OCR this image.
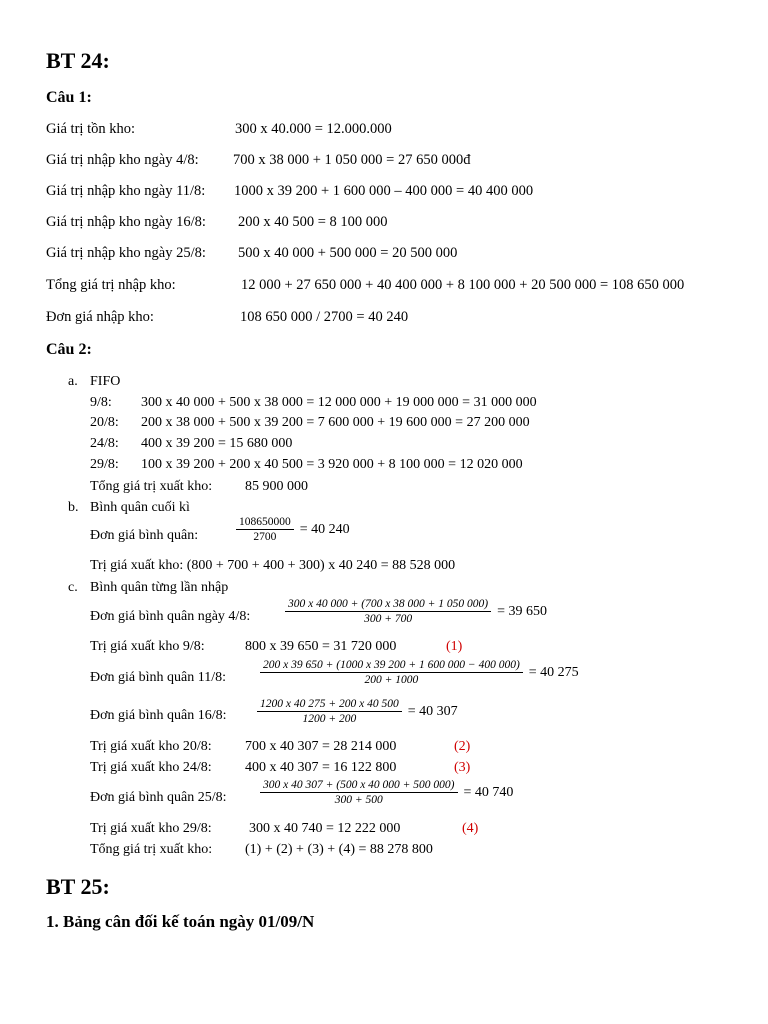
BT 24:
Câu 1:
Giá trị tồn kho:	300 x 40.000 = 12.000.000
Giá trị nhập kho ngày 4/8: 700 x 38 000 + 1 050 000 = 27 650 000đ
Giá trị nhập kho ngày 11/8: 1000 x 39 200 + 1 600 000 – 400 000 = 40 400 000
Giá trị nhập kho ngày 16/8: 200 x 40 500 = 8 100 000
Giá trị nhập kho ngày 25/8: 500 x 40 000 + 500 000 = 20 500 000
Tổng giá trị nhập kho:	12 000 + 27 650 000 + 40 400 000 + 8 100 000 + 20 500 000 = 108 650 000
Đơn giá nhập kho:	108 650 000 / 2700 = 40 240
Câu 2:
a. FIFO
9/8: 300 x 40 000 + 500 x 38 000 = 12 000 000 + 19 000 000 = 31 000 000
20/8: 200 x 38 000 + 500 x 39 200 = 7 600 000 + 19 600 000 = 27 200 000
24/8: 400 x 39 200 = 15 680 000
29/8: 100 x 39 200 + 200 x 40 500 = 3 920 000 + 8 100 000 = 12 020 000
Tổng giá trị xuất kho: 85 900 000
b. Bình quân cuối kì
Đơn giá bình quân:	$\frac{108650000}{2700} = 40$ 240
Trị giá xuất kho: (800 + 700 + 400 + 300) x 40 240 = 88 528 000
c. Bình quân từng lần nhập
Đơn giá bình quân ngày 4/8:	$\frac{300 x 40 000 + (700 x 38 000 + 1 050 000)}{300 + 700} = 39$ 650
Trị giá xuất kho 9/8:	800 x 39 650 = 31 720 000	(1)
Đơn giá bình quân 11/8:	$\frac{200 x 39 650 + (1000 x 39 200 + 1 600 000 - 400 000)}{200 + 1000} = 40$ 275
Đơn giá bình quân 16/8:	$\frac{1200 x 40 275 + 200 x 40 500}{1200 + 200} = 40$ 307
Trị giá xuất kho 20/8: 700 x 40 307 = 28 214 000	(2)
Trị giá xuất kho 24/8: 400 x 40 307 = 16 122 800	(3)
Đơn giá bình quân 25/8:	$\frac{300 x 40 307 + (500 x 40 000 + 500 000)}{300 + 500} = 40$ 740
Trị giá xuất kho 29/8:	300 x 40 740 = 12 222 000	(4)
Tổng giá trị xuất kho: (1) + (2) + (3) + (4) = 88 278 800
BT 25:
1. Bảng cân đối kế toán ngày 01/09/N
